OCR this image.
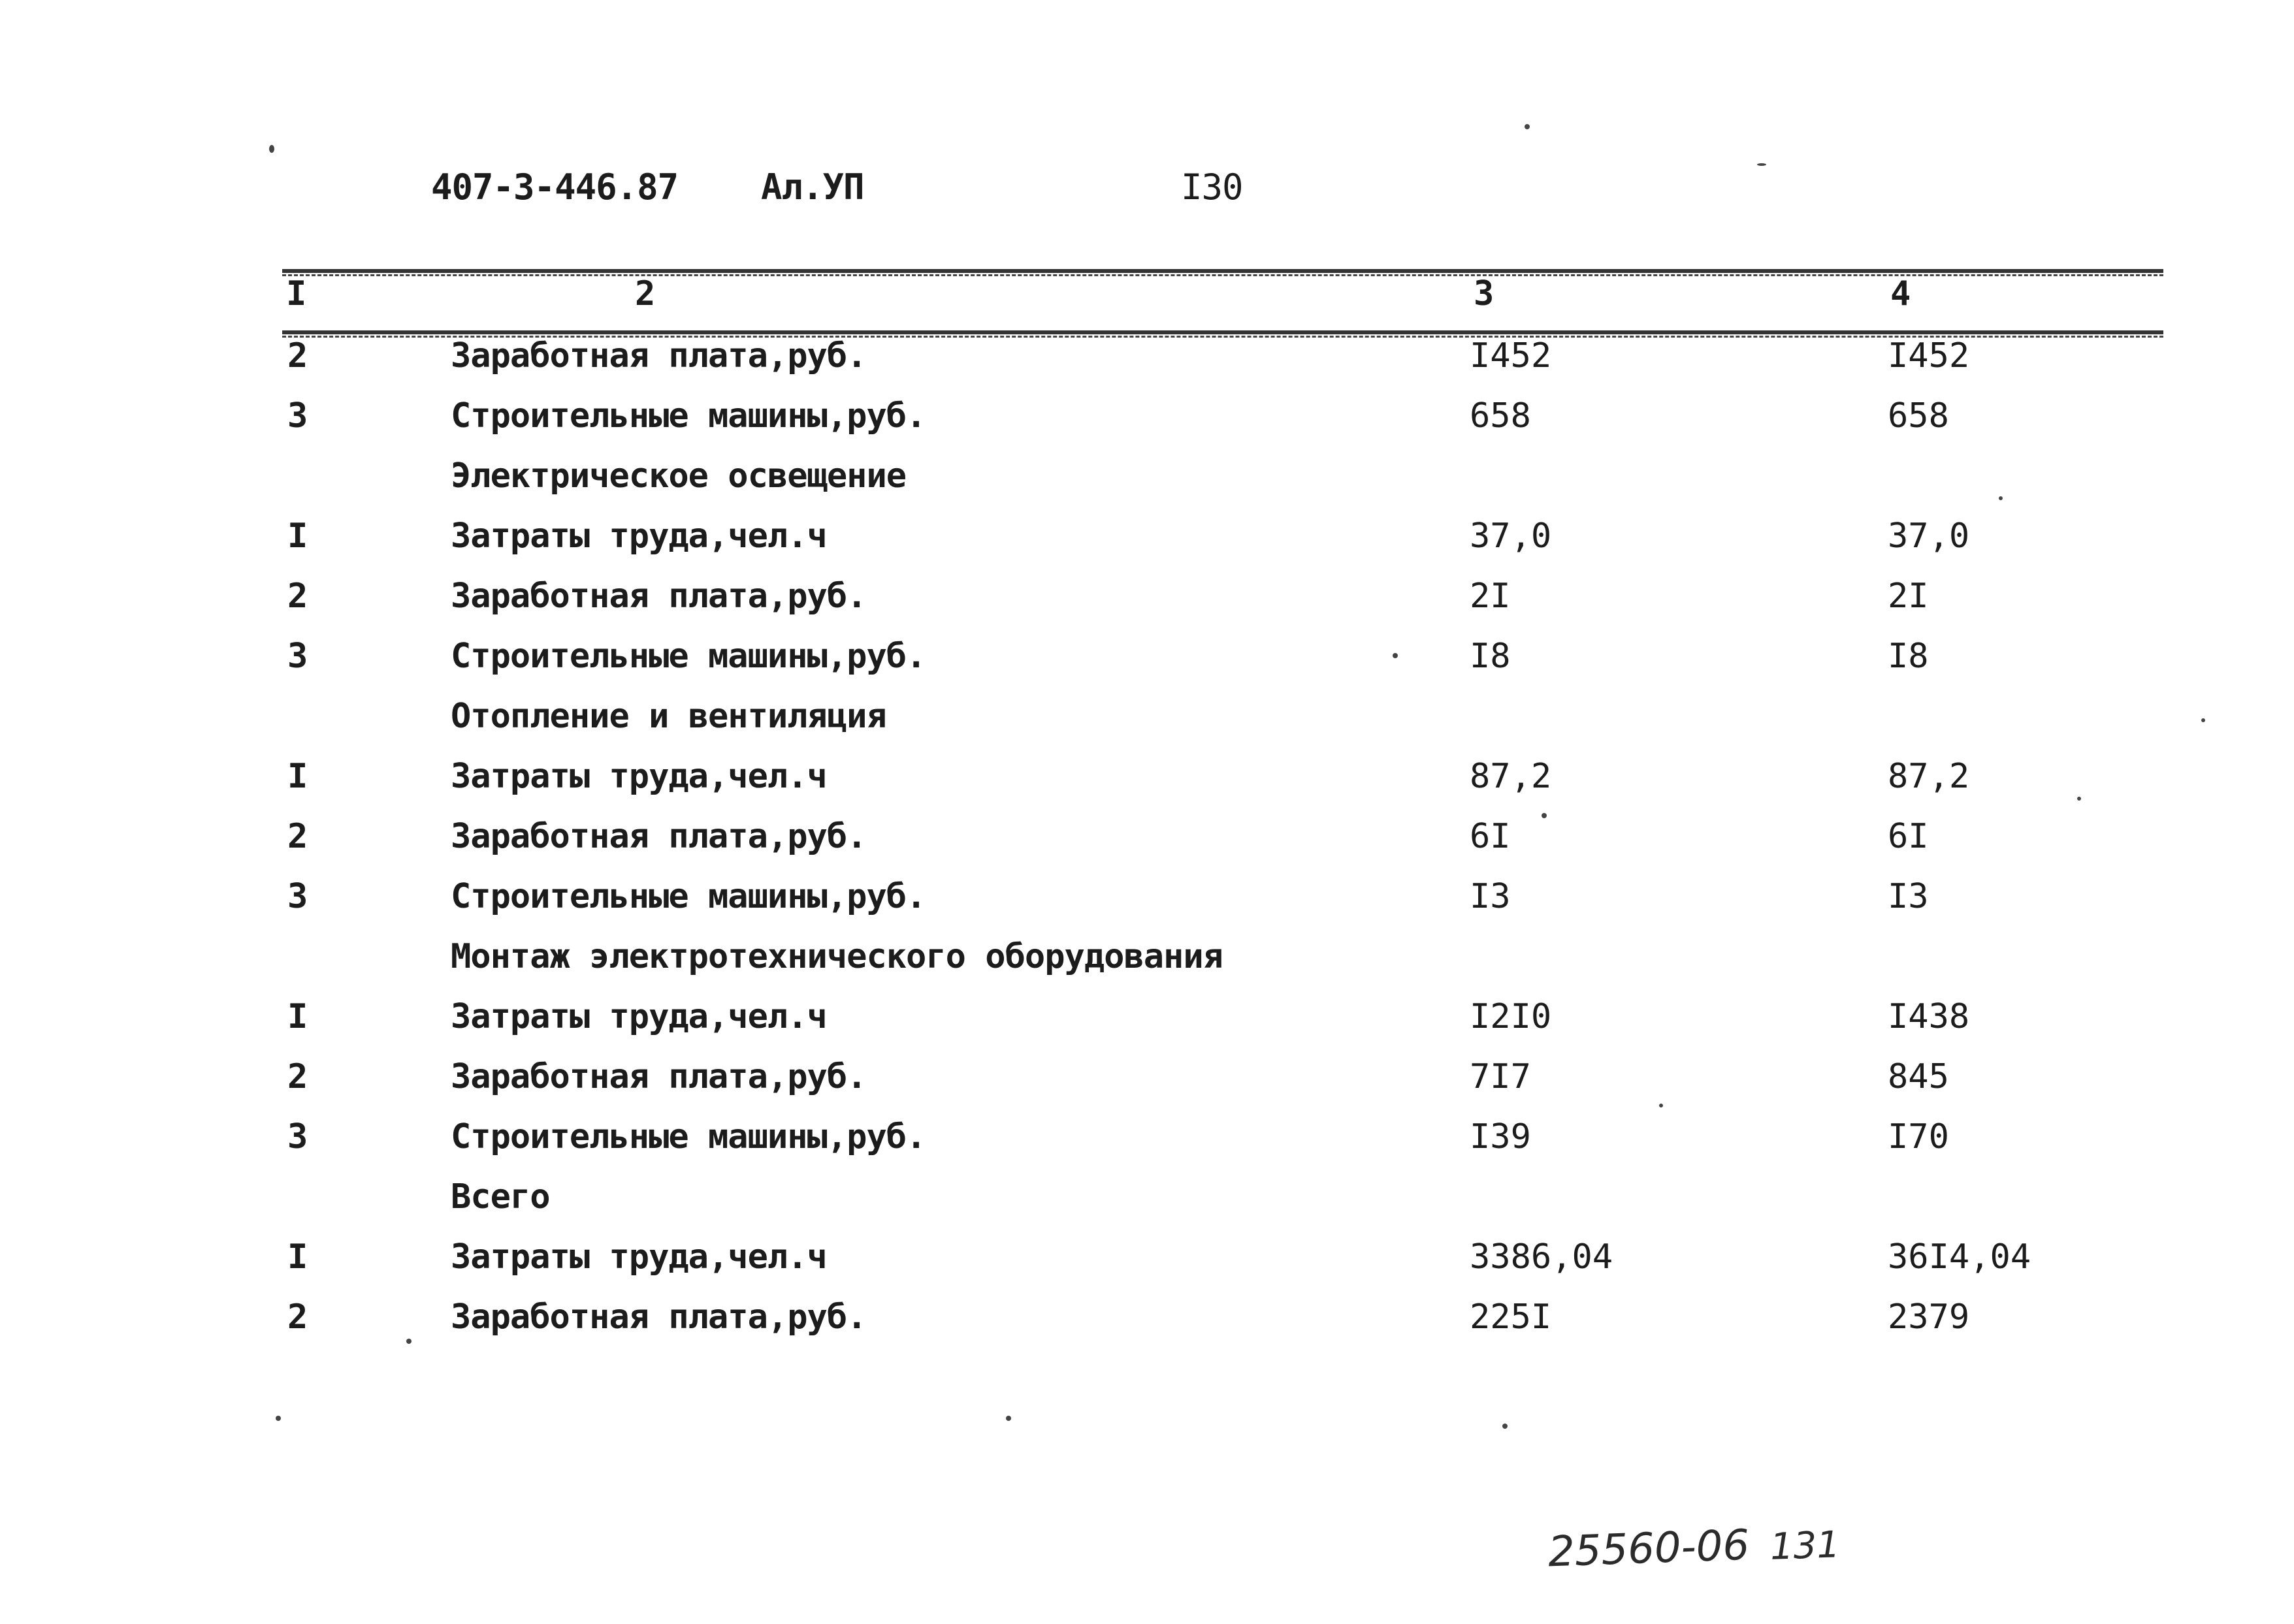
407-3-446.87 Ал.УП	I30
I	2	3	4
2	Заработная плата,руб.	I452	I452
3	Строительные машины,руб.	658	658
Электрическое освещение
I	Затраты труда,чел.ч	37,0	37,0
2	Заработная плата,руб.	2I	2I
3	Строительные машины,руб.	I8	I8
Отопление и вентиляция
I	Затраты труда,чел.ч	87,2	87,2
2	Заработная плата,руб.	6I	6I
3	Строительные машины,руб.	I3	I3
Монтаж электротехнического оборудования
I	Затраты труда,чел.ч	I2I0	I438
2	Заработная плата,руб.	7I7	845
3	Строительные машины,руб.	I39	I70
Всего
I	Затраты труда,чел.ч	3386,04	36I4,04
2	Заработная плата,руб.	225I	2379
25560-06 131
